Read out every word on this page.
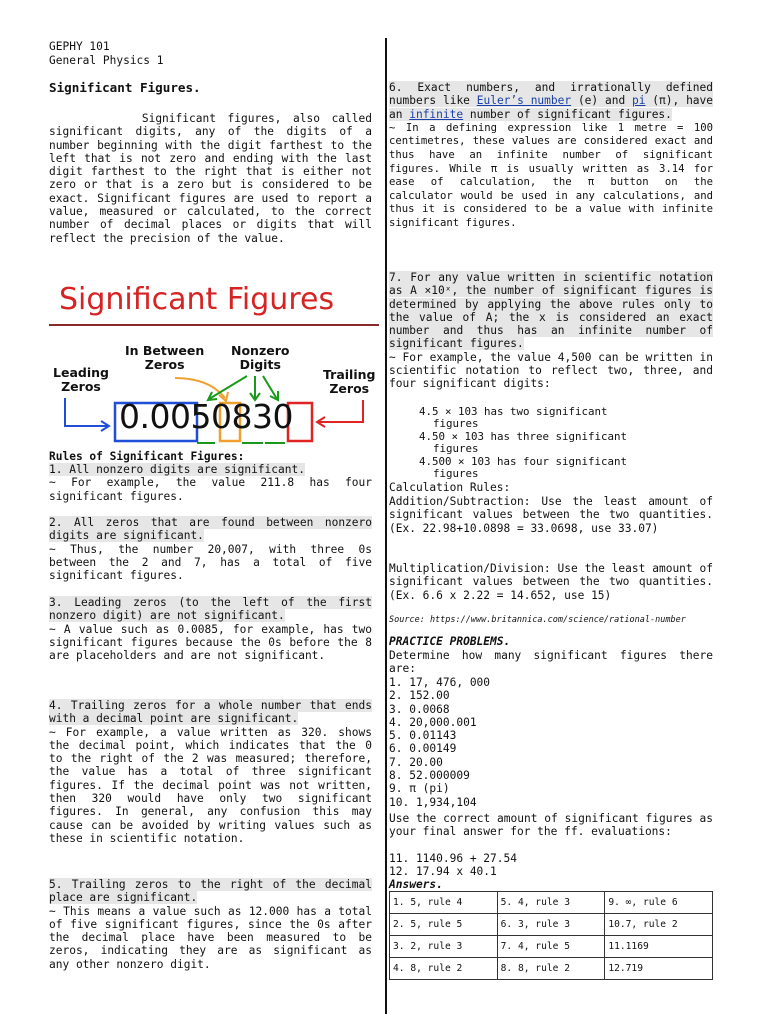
GEPHY 101
General Physics 1
Significant Figures.

Significant figures, also called significant digits, any of the digits of a number beginning with the digit farthest to the left that is not zero and ending with the last digit farthest to the right that is either not zero or that is a zero but is considered to be exact. Significant figures are used to report a value, measured or calculated, to the correct number of decimal places or digits that will reflect the precision of the value.

Significant Figures
Leading
Zeros
In Between
Zeros
Nonzero
Digits
Trailing
Zeros
0.0050830
Rules of Significant Figures:

1. All nonzero digits are significant.
~ For example, the value 211.8 has four significant figures.

2. All zeros that are found between nonzero digits are significant.
~ Thus, the number 20,007, with three 0s between the 2 and 7, has a total of five significant figures.

3. Leading zeros (to the left of the first nonzero digit) are not significant.
~ A value such as 0.0085, for example, has two significant figures because the 0s before the 8 are placeholders and are not significant.

4. Trailing zeros for a whole number that ends with a decimal point are significant.
~ For example, a value written as 320. shows the decimal point, which indicates that the 0 to the right of the 2 was measured; therefore, the value has a total of three significant figures. If the decimal point was not written, then 320 would have only two significant figures. In general, any confusion this may cause can be avoided by writing values such as these in scientific notation.

5. Trailing zeros to the right of the decimal place are significant.
~ This means a value such as 12.000 has a total of five significant figures, since the 0s after the decimal place have been measured to be zeros, indicating they are as significant as any other nonzero digit.

6. Exact numbers, and irrationally defined numbers like Euler’s number (e) and pi (π), have an infinite number of significant figures.
~ In a defining expression like 1 metre = 100 centimetres, these values are considered exact and thus have an infinite number of significant figures. While π is usually written as 3.14 for ease of calculation, the π button on the calculator would be used in any calculations, and thus it is considered to be a value with infinite significant figures.

7. For any value written in scientific notation as A ×10ˣ, the number of significant figures is determined by applying the above rules only to the value of A; the x is considered an exact number and thus has an infinite number of significant figures.
~ For example, the value 4,500 can be written in scientific notation to reflect two, three, and four significant digits:

4.5 × 103 has two significant
figures
4.50 × 103 has three significant
figures
4.500 × 103 has four significant
figures
Calculation Rules:

Addition/Subtraction: Use the least amount of significant values between the two quantities. (Ex. 22.98+10.0898 = 33.0698, use 33.07)

Multiplication/Division: Use the least amount of significant values between the two quantities. (Ex. 6.6 x 2.22 = 14.652, use 15)

Source: https://www.britannica.com/science/rational-number
PRACTICE PROBLEMS.

Determine how many significant figures there are:

1. 17, 476, 000
2. 152.00
3. 0.0068
4. 20,000.001
5. 0.01143
6. 0.00149
7. 20.00
8. 52.000009
9. π (pi)
10. 1,934,104

Use the correct amount of significant figures as your final answer for the ff. evaluations:

11. 1140.96 + 27.54
12. 17.94 x 40.1
Answers.
1. 5, rule 4	5. 4, rule 3	9. ∞, rule 6
2. 5, rule 5	6. 3, rule 3	10.7, rule 2
3. 2, rule 3	7. 4, rule 5	11.1169
4. 8, rule 2	8. 8, rule 2	12.719
